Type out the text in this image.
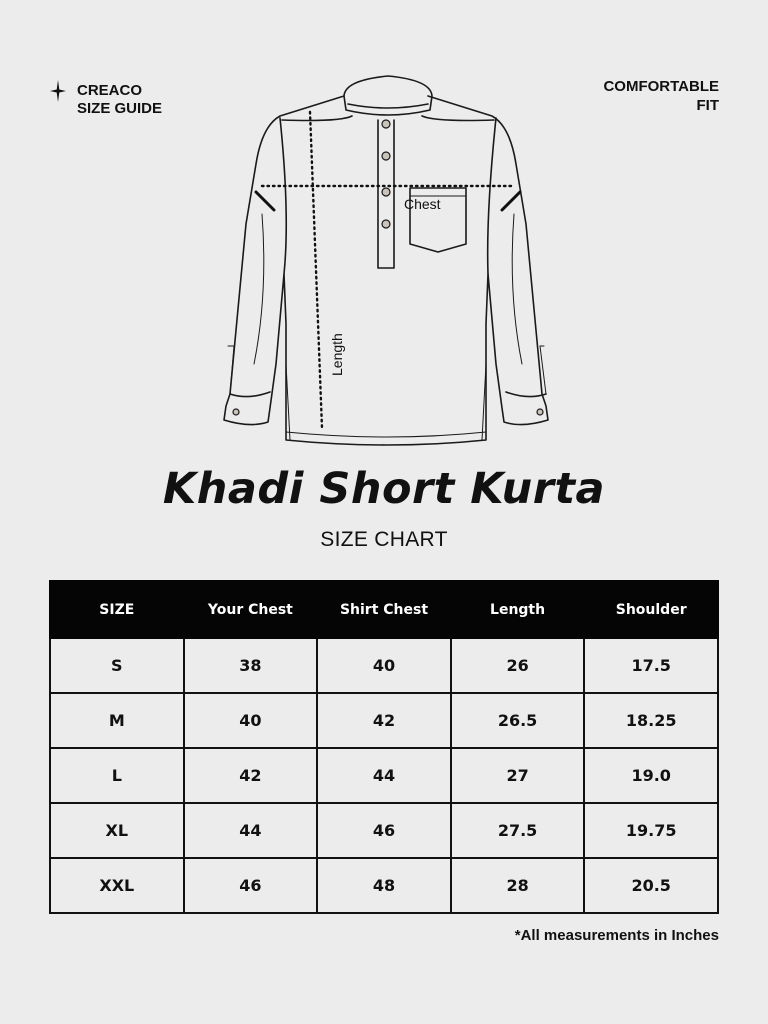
CREACO
SIZE GUIDE
COMFORTABLE
FIT
Chest
Length
Khadi Short Kurta
SIZE CHART
SIZE	Your Chest	Shirt Chest	Length	Shoulder
S	38	40	26	17.5
M	40	42	26.5	18.25
L	42	44	27	19.0
XL	44	46	27.5	19.75
XXL	46	48	28	20.5
*All measurements in Inches
